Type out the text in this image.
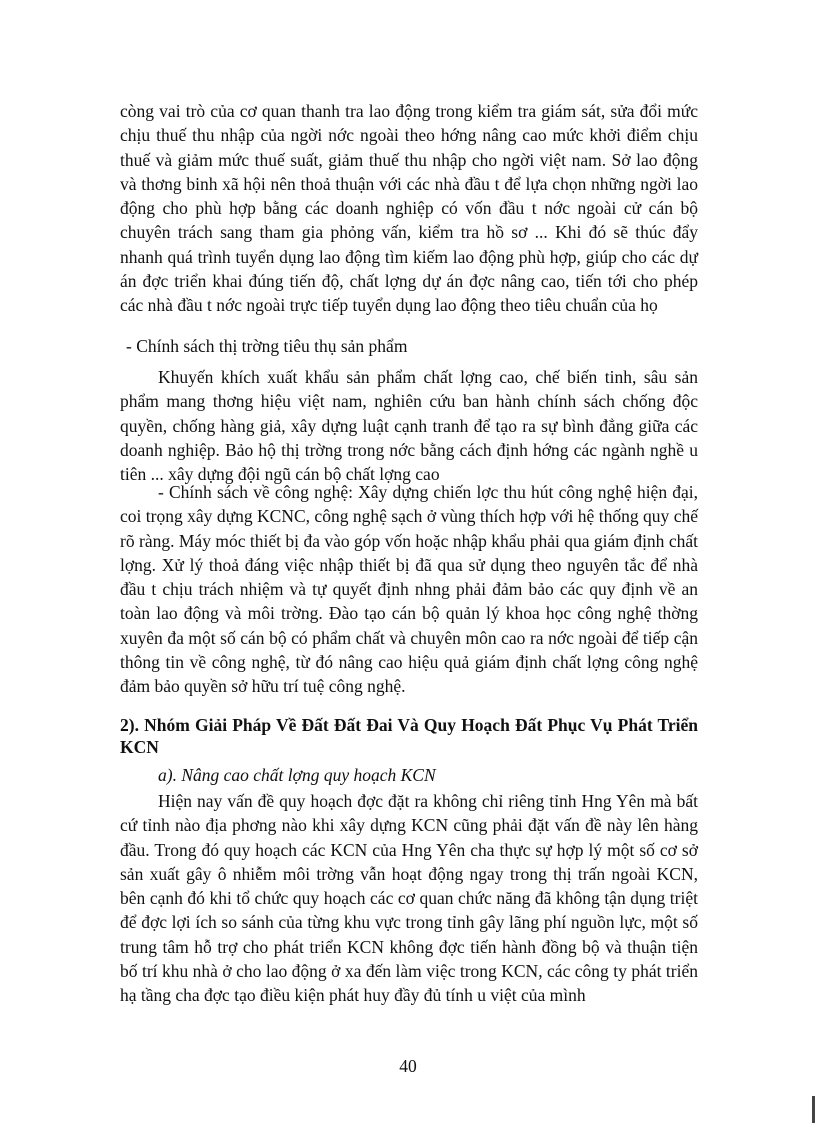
còng vai trò của cơ quan thanh tra lao động trong kiểm tra giám sát, sửa đổi mức chịu thuế thu nhập của ngời nớc ngoài theo hớng nâng cao mức khởi điểm chịu thuế và giảm mức thuế suất, giảm thuế thu nhập cho ngời việt nam. Sở lao động và thơng binh xã hội nên thoả thuận với các nhà đầu t để lựa chọn những ngời lao động cho phù hợp bằng các doanh nghiệp có vốn đầu t nớc ngoài cử cán bộ chuyên trách sang tham gia phỏng vấn, kiểm tra hồ sơ ... Khi đó sẽ thúc đẩy nhanh quá trình tuyển dụng lao động tìm kiếm lao động phù hợp, giúp cho các dự án đợc triển khai đúng tiến độ, chất lợng dự án đợc nâng cao, tiến tới cho phép các nhà đầu t nớc ngoài trực tiếp tuyển dụng lao động theo tiêu chuẩn của họ
- Chính sách thị trờng tiêu thụ sản phẩm
Khuyến khích xuất khẩu sản phẩm chất lợng cao, chế biến tinh, sâu sản phẩm mang thơng hiệu việt nam, nghiên cứu ban hành chính sách chống độc quyền, chống hàng giả, xây dựng luật cạnh tranh để tạo ra sự bình đẳng giữa các doanh nghiệp. Bảo hộ thị trờng trong nớc bằng cách định hớng các ngành nghề u tiên ... xây dựng đội ngũ cán bộ chất lợng cao
- Chính sách về công nghệ: Xây dựng chiến lợc thu hút công nghệ hiện đại, coi trọng xây dựng KCNC, công nghệ sạch ở vùng thích hợp với hệ thống quy chế rõ ràng. Máy móc thiết bị đa vào góp vốn hoặc nhập khẩu phải qua giám định chất lợng. Xử lý thoả đáng việc nhập thiết bị đã qua sử dụng theo nguyên tắc để nhà đầu t chịu trách nhiệm và tự quyết định nhng phải đảm bảo các quy định về an toàn lao động và môi trờng. Đào tạo cán bộ quản lý khoa học công nghệ thờng xuyên đa một số cán bộ có phẩm chất và chuyên môn cao ra nớc ngoài để tiếp cận thông tin về công nghệ, từ đó nâng cao hiệu quả giám định chất lợng công nghệ đảm bảo quyền sở hữu trí tuệ công nghệ.
2). Nhóm Giải Pháp Về Đất Đất Đai Và Quy Hoạch Đất Phục Vụ Phát Triển KCN
a). Nâng cao chất lợng quy hoạch KCN
Hiện nay vấn đề quy hoạch đợc đặt ra không chỉ riêng tỉnh Hng Yên mà bất cứ tỉnh nào địa phơng nào khi xây dựng KCN cũng phải đặt vấn đề này lên hàng đầu. Trong đó quy hoạch các KCN của Hng Yên cha thực sự hợp lý một số cơ sở sản xuất gây ô nhiễm môi trờng vẫn hoạt động ngay trong thị trấn ngoài KCN, bên cạnh đó khi tổ chức quy hoạch các cơ quan chức năng đã không tận dụng triệt để đợc lợi ích so sánh của từng khu vực trong tỉnh gây lãng phí nguồn lực, một số trung tâm hỗ trợ cho phát triển KCN không đợc tiến hành đồng bộ và thuận tiện bố trí khu nhà ở cho lao động ở xa đến làm việc trong KCN, các công ty phát triển hạ tầng cha đợc tạo điều kiện phát huy đầy đủ tính u việt của mình
40
